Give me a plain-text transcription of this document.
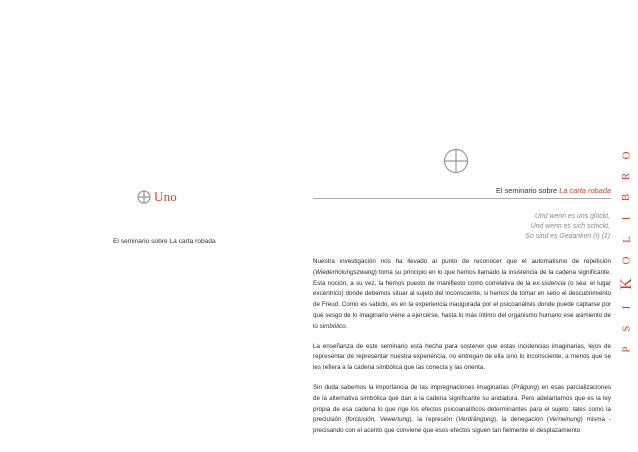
Uno
El seminario sobre La carta robada
El seminario sobre La carta robada
Und wenn es uns glückt,
Und wenn es sich schickt,
So sind es Gedanken (I) (1)

Nuestra investigación nos ha llevado al punto de reconocer que el automatismo de repetición (Wiederholungszwang) toma su principio en lo que hemos llamado la insistencia de la cadena significante. Esta noción, a su vez, la hemos puesto de manifiesto como correlativa de la ex-sistencia (o sea: el lugar excéntrico) donde debemos situar al sujeto del inconsciente, si hemos de tomar en serio el descubrimiento de Freud. Como es sabido, es en la experiencia inaugurada por el psicoanálisis donde puede captarse por qué sesgo de lo imaginario viene a ejercerse, hasta lo más íntimo del organismo humano ese asimiento de lo simbólico.

La enseñanza de este seminario está hecha para sostener que estas incidencias imaginarias, lejos de representar de representar nuestra experiencia, no entregan de ella sino lo inconsciente, a menos que se les refiera a la cadena simbólica que las conecta y las orienta.

Sin duda sabemos la importancia de las impregnaciones imaginarias (Prägung) en esas parcializaciones de la alternativa simbólica que dan a la cadena significante su andadura. Pero adelantamos que es la ley propia de esa cadena lo que rige los efectos psicoanalíticos determinantes para el sujeto: tales como la preclusión (forclusión, Vewertung), la represión (Verdrängung), la denegación (Verneinung) misma -precisando con el acento que conviene que esos efectos siguen tan fielmente el desplazamiento

O
R
B
I
L
O
K
I
S
P
